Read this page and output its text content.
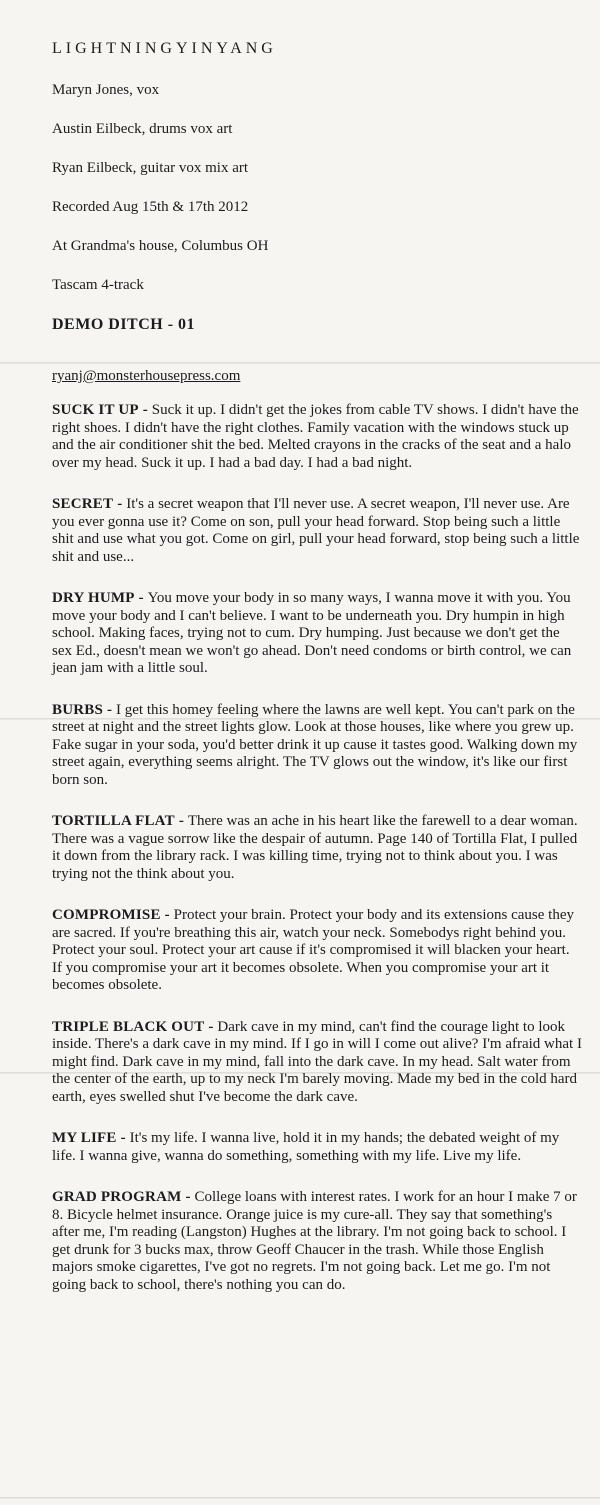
LIGHTNINGYINYANG

Maryn Jones, vox

Austin Eilbeck, drums vox art

Ryan Eilbeck, guitar vox mix art

Recorded Aug 15th & 17th 2012

At Grandma's house, Columbus OH

Tascam 4-track

DEMO DITCH - 01

ryanj@monsterhousepress.com

SUCK IT UP - Suck it up. I didn't get the jokes from cable TV shows. I didn't have the right shoes. I didn't have the right clothes. Family vacation with the windows stuck up and the air conditioner shit the bed. Melted crayons in the cracks of the seat and a halo over my head. Suck it up. I had a bad day. I had a bad night.

SECRET - It's a secret weapon that I'll never use. A secret weapon, I'll never use. Are you ever gonna use it? Come on son, pull your head forward. Stop being such a little shit and use what you got. Come on girl, pull your head forward, stop being such a little shit and use...

DRY HUMP - You move your body in so many ways, I wanna move it with you. You move your body and I can't believe. I want to be underneath you. Dry humpin in high school. Making faces, trying not to cum. Dry humping. Just because we don't get the sex Ed., doesn't mean we won't go ahead. Don't need condoms or birth control, we can jean jam with a little soul.

BURBS - I get this homey feeling where the lawns are well kept. You can't park on the street at night and the street lights glow. Look at those houses, like where you grew up. Fake sugar in your soda, you'd better drink it up cause it tastes good. Walking down my street again, everything seems alright. The TV glows out the window, it's like our first born son.

TORTILLA FLAT - There was an ache in his heart like the farewell to a dear woman. There was a vague sorrow like the despair of autumn. Page 140 of Tortilla Flat, I pulled it down from the library rack. I was killing time, trying not to think about you. I was trying not the think about you.

COMPROMISE - Protect your brain. Protect your body and its extensions cause they are sacred. If you're breathing this air, watch your neck. Somebodys right behind you. Protect your soul. Protect your art cause if it's compromised it will blacken your heart. If you compromise your art it becomes obsolete. When you compromise your art it becomes obsolete.

TRIPLE BLACK OUT - Dark cave in my mind, can't find the courage light to look inside. There's a dark cave in my mind. If I go in will I come out alive? I'm afraid what I might find. Dark cave in my mind, fall into the dark cave. In my head. Salt water from the center of the earth, up to my neck I'm barely moving. Made my bed in the cold hard earth, eyes swelled shut I've become the dark cave.

MY LIFE - It's my life. I wanna live, hold it in my hands; the debated weight of my life. I wanna give, wanna do something, something with my life. Live my life.

GRAD PROGRAM - College loans with interest rates. I work for an hour I make 7 or 8. Bicycle helmet insurance. Orange juice is my cure-all. They say that something's after me, I'm reading (Langston) Hughes at the library. I'm not going back to school. I get drunk for 3 bucks max, throw Geoff Chaucer in the trash. While those English majors smoke cigarettes, I've got no regrets. I'm not going back. Let me go. I'm not going back to school, there's nothing you can do.
